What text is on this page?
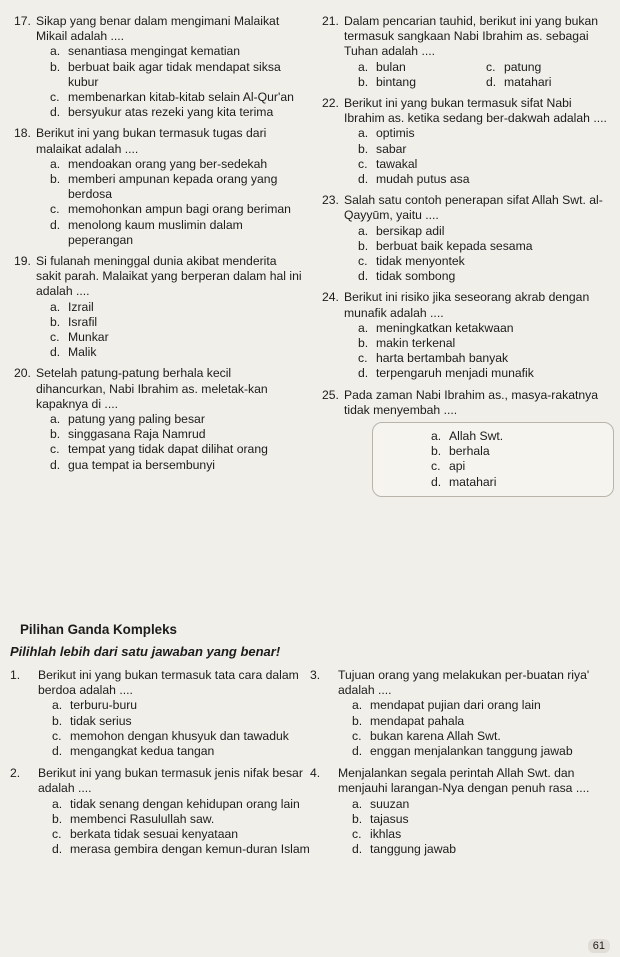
17. Sikap yang benar dalam mengimani Malaikat Mikail adalah ....
a. senantiasa mengingat kematian
b. berbuat baik agar tidak mendapat siksa kubur
c. membenarkan kitab-kitab selain Al-Qur'an
d. bersyukur atas rezeki yang kita terima
18. Berikut ini yang bukan termasuk tugas dari malaikat adalah ....
a. mendoakan orang yang ber-sedekah
b. memberi ampunan kepada orang yang berdosa
c. memohonkan ampun bagi orang beriman
d. menolong kaum muslimin dalam peperangan
19. Si fulanah meninggal dunia akibat menderita sakit parah. Malaikat yang berperan dalam hal ini adalah ....
a. Izrail
b. Israfil
c. Munkar
d. Malik
20. Setelah patung-patung berhala kecil dihancurkan, Nabi Ibrahim as. meletak-kan kapaknya di ....
a. patung yang paling besar
b. singgasana Raja Namrud
c. tempat yang tidak dapat dilihat orang
d. gua tempat ia bersembunyi
21. Dalam pencarian tauhid, berikut ini yang bukan termasuk sangkaan Nabi Ibrahim as. sebagai Tuhan adalah ....
a. bulan	c. patung
b. bintang	d. matahari
22. Berikut ini yang bukan termasuk sifat Nabi Ibrahim as. ketika sedang ber-dakwah adalah ....
a. optimis
b. sabar
c. tawakal
d. mudah putus asa
23. Salah satu contoh penerapan sifat Allah Swt. al-Qayyūm, yaitu ....
a. bersikap adil
b. berbuat baik kepada sesama
c. tidak menyontek
d. tidak sombong
24. Berikut ini risiko jika seseorang akrab dengan munafik adalah ....
a. meningkatkan ketakwaan
b. makin terkenal
c. harta bertambah banyak
d. terpengaruh menjadi munafik
25. Pada zaman Nabi Ibrahim as., masya-rakatnya tidak menyembah ....
a. Allah Swt.
b. berhala
c. api
d. matahari
Pilihan Ganda Kompleks
Pilihlah lebih dari satu jawaban yang benar!
1. Berikut ini yang bukan termasuk tata cara dalam berdoa adalah ....
a. terburu-buru
b. tidak serius
c. memohon dengan khusyuk dan tawaduk
d. mengangkat kedua tangan
2. Berikut ini yang bukan termasuk jenis nifak besar adalah ....
a. tidak senang dengan kehidupan orang lain
b. membenci Rasulullah saw.
c. berkata tidak sesuai kenyataan
d. merasa gembira dengan kemun-duran Islam
3. Tujuan orang yang melakukan per-buatan riya' adalah ....
a. mendapat pujian dari orang lain
b. mendapat pahala
c. bukan karena Allah Swt.
d. enggan menjalankan tanggung jawab
4. Menjalankan segala perintah Allah Swt. dan menjauhi larangan-Nya dengan penuh rasa ....
a. suuzan
b. tajasus
c. ikhlas
d. tanggung jawab
61
